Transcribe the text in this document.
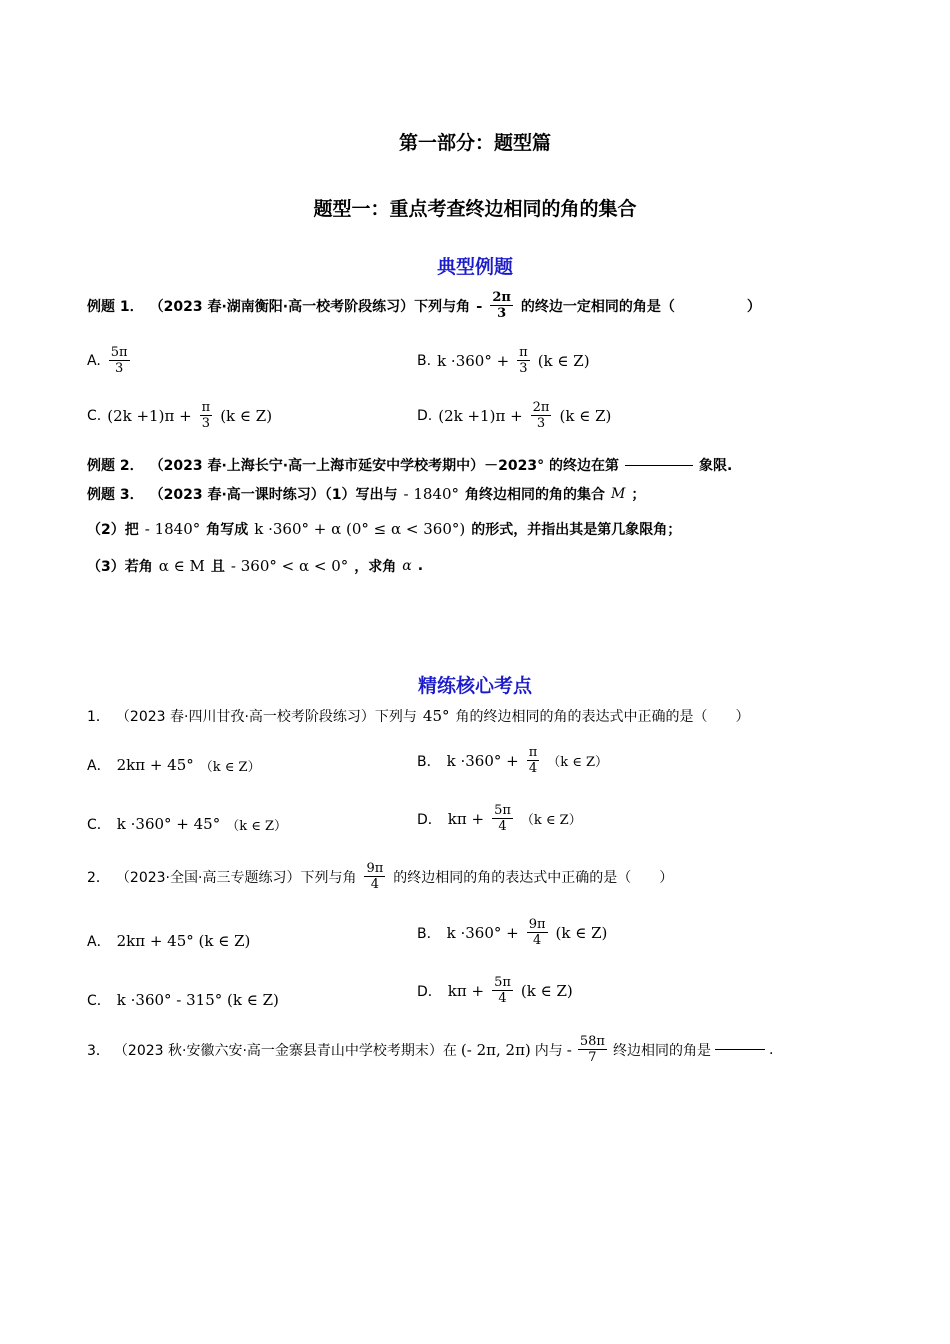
第一部分：题型篇
题型一：重点考查终边相同的角的集合
典型例题
例题 1． （2023 春·湖南衡阳·高一校考阶段练习）下列与角 - $\frac{2\pi}{3}$ 的终边一定相同的角是（	）
A. $\frac{5\pi}{3}$	B. $k \cdot 360^\circ + \frac{\pi}{3} (k$ ∈ Z)
C. $(2k +1)\pi + \frac{\pi}{3} (k$ ∈ Z)	D. $(2k +1)\pi + \frac{2\pi}{3} (k$ ∈ Z)
例题 2． （2023 春·上海长宁·高一上海市延安中学校考期中）－2023° 的终边在第	象限.
例题 3． （2023 春·高一课时练习）（1）写出与 - 1840° 角终边相同的角的集合 M ；
（2）把 - 1840° 角写成 k ·360° + α (0° ≤ α < 360°) 的形式，并指出其是第几象限角；
（3）若角 α ∈ M 且 - 360° < α < 0° ，求角 α .
精练核心考点
1． （2023 春·四川甘孜·高一校考阶段练习）下列与 45° 角的终边相同的角的表达式中正确的是（　　）
A． 2kπ + 45° （k ∈ Z）	B． $k \cdot 360^\circ + \frac{\pi}{4} (k$ ∈ Z）
C． k ·360° + 45° （k ∈ Z）	D． $k\pi + \frac{5\pi}{4} (k$ ∈ Z）
2． （2023·全国·高三专题练习）下列与角 $\frac{9\pi}{4}$ 的终边相同的角的表达式中正确的是（　　）
A． 2kπ + 45° (k ∈ Z)	B． $k \cdot 360^\circ + \frac{9\pi}{4} (k$ ∈ Z)
C． k ·360° - 315° (k ∈ Z)	D． $k\pi + \frac{5\pi}{4} (k$ ∈ Z)
3． （2023 秋·安徽六安·高一金寨县青山中学校考期末）在 (- 2π, 2π) 内与 - $\frac{58\pi}{7}$ 终边相同的角是	.
